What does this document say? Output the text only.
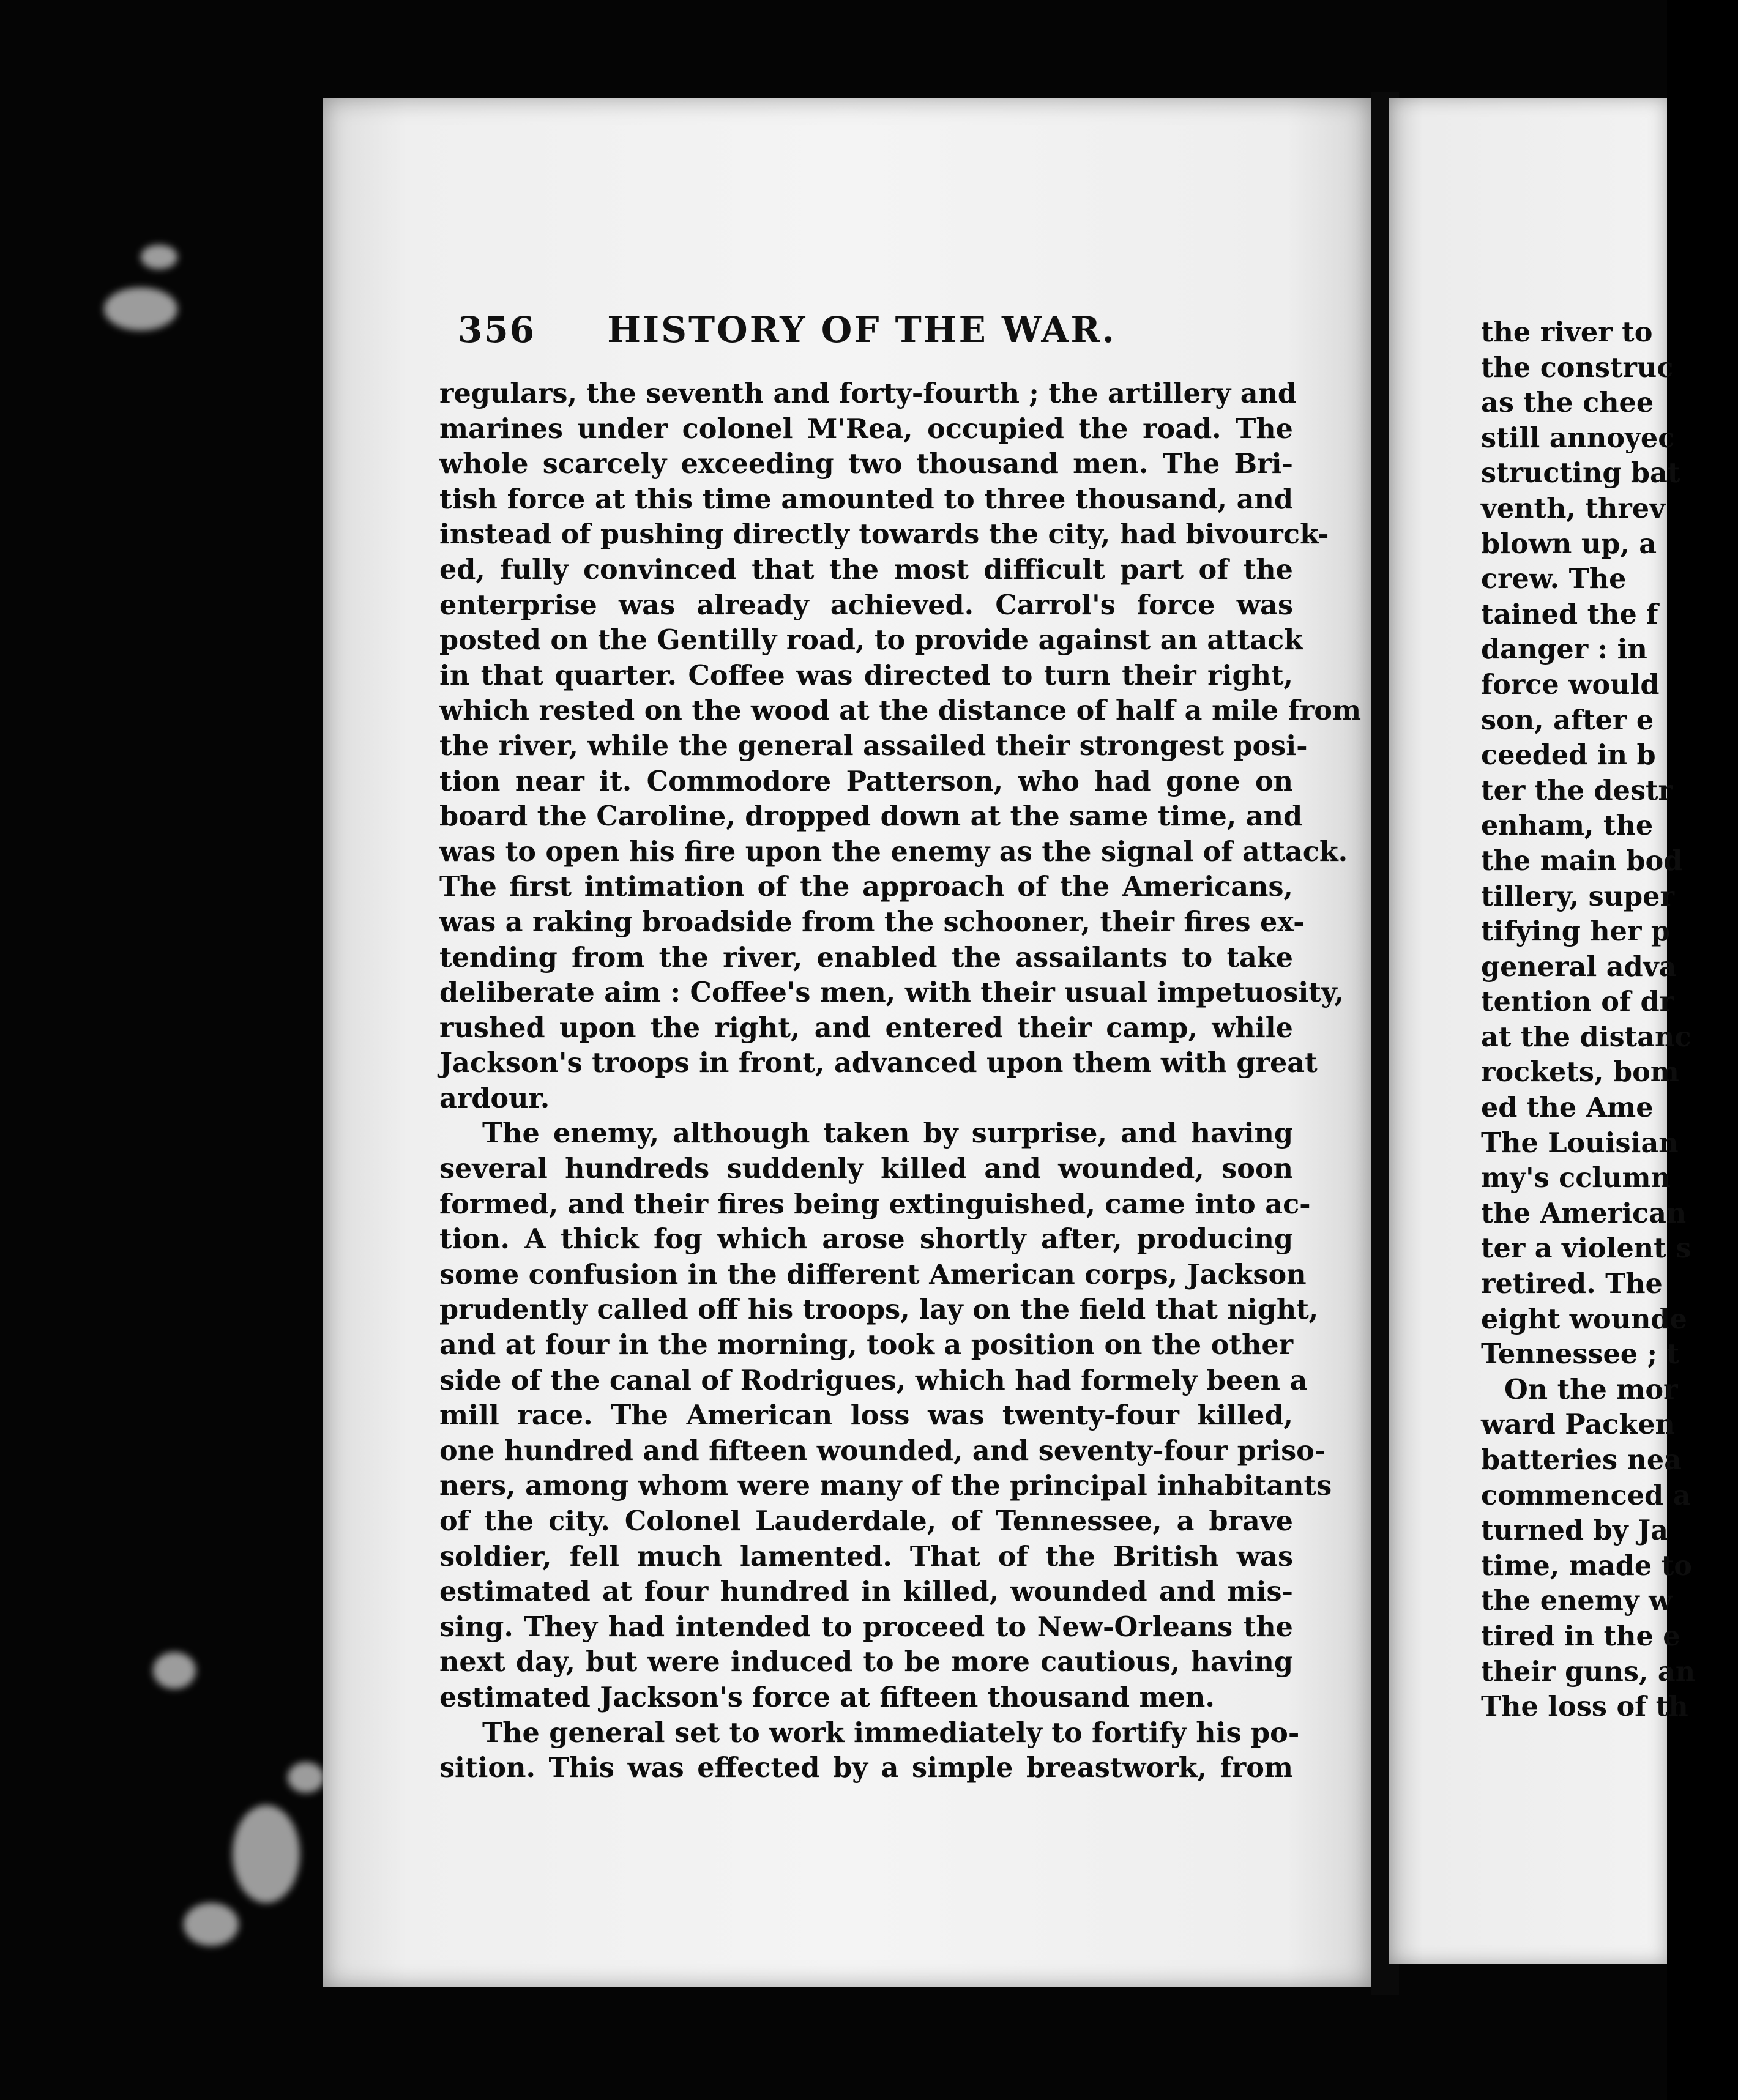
356	HISTORY OF THE WAR.
regulars, the seventh and forty-fourth ; the artillery and
marines under colonel M'Rea, occupied the road. The
whole scarcely exceeding two thousand men. The Bri-
tish force at this time amounted to three thousand, and
instead of pushing directly towards the city, had bivourck-
ed, fully convinced that the most difficult part of the
enterprise was already achieved. Carrol's force was
posted on the Gentilly road, to provide against an attack
in that quarter. Coffee was directed to turn their right,
which rested on the wood at the distance of half a mile from
the river, while the general assailed their strongest posi-
tion near it. Commodore Patterson, who had gone on
board the Caroline, dropped down at the same time, and
was to open his fire upon the enemy as the signal of attack.
The first intimation of the approach of the Americans,
was a raking broadside from the schooner, their fires ex-
tending from the river, enabled the assailants to take
deliberate aim : Coffee's men, with their usual impetuosity,
rushed upon the right, and entered their camp, while
Jackson's troops in front, advanced upon them with great
ardour.
The enemy, although taken by surprise, and having
several hundreds suddenly killed and wounded, soon
formed, and their fires being extinguished, came into ac-
tion. A thick fog which arose shortly after, producing
some confusion in the different American corps, Jackson
prudently called off his troops, lay on the field that night,
and at four in the morning, took a position on the other
side of the canal of Rodrigues, which had formely been a
mill race. The American loss was twenty-four killed,
one hundred and fifteen wounded, and seventy-four priso-
ners, among whom were many of the principal inhabitants
of the city. Colonel Lauderdale, of Tennessee, a brave
soldier, fell much lamented. That of the British was
estimated at four hundred in killed, wounded and mis-
sing. They had intended to proceed to New-Orleans the
next day, but were induced to be more cautious, having
estimated Jackson's force at fifteen thousand men.
The general set to work immediately to fortify his po-
sition. This was effected by a simple breastwork, from
the river to
the construc
as the chee
still annoyec
structing bat
venth, threv
blown up, a
crew. The
tained the f
danger : in
force would
son, after e
ceeded in b
ter the destr
enham, the
the main bod
tillery, super
tifying her p
general adva
tention of dr
at the distanc
rockets, bom
ed the Ame
The Louisian
my's cclumn
the American
ter a violent s
retired. The
eight wounde
Tennessee ; t
On the mor
ward Packen
batteries nea
commenced a
turned by Ja
time, made to
the enemy w
tired in the e
their guns, an
The loss of th
